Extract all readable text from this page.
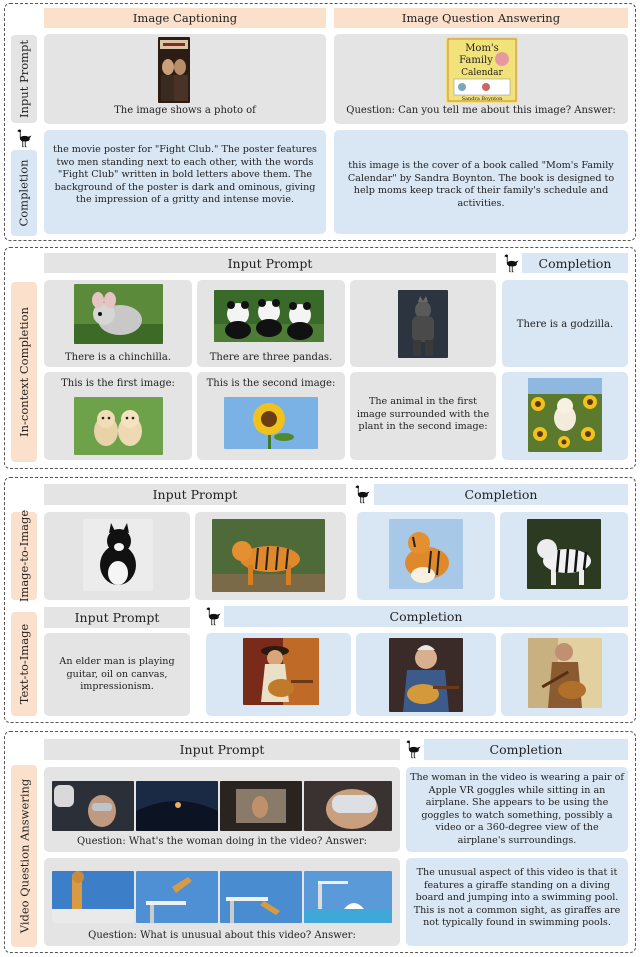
Image Captioning	Image Question Answering
Input Prompt
Completion
The image shows a photo of
the movie poster for "Fight Club." The poster features two men standing next to each other, with the words "Fight Club" written in bold letters above them. The background of the poster is dark and ominous, giving the impression of a gritty and intense movie.
Mom's
Family
Calendar
Sandra Boynton
Question: Can you tell me about this image? Answer:
this image is the cover of a book called "Mom's Family Calendar" by Sandra Boynton. The book is designed to help moms keep track of their family's schedule and activities.
In-context Completion
Input Prompt	Completion
There is a chinchilla.	There are three pandas.
There is a godzilla.
This is the first image:	This is the second image:
The animal in the first image surrounded with the plant in the second image:
Image-to-Image
Text-to-Image
Input Prompt	Completion
Input Prompt	Completion
An elder man is playing guitar, oil on canvas, impressionism.
Video Question Answering
Input Prompt	Completion
Question: What's the woman doing in the video? Answer:
The woman in the video is wearing a pair of Apple VR goggles while sitting in an airplane. She appears to be using the goggles to watch something, possibly a video or a 360-degree view of the airplane's surroundings.
Question: What is unusual about this video? Answer:
The unusual aspect of this video is that it features a giraffe standing on a diving board and jumping into a swimming pool. This is not a common sight, as giraffes are not typically found in swimming pools.
